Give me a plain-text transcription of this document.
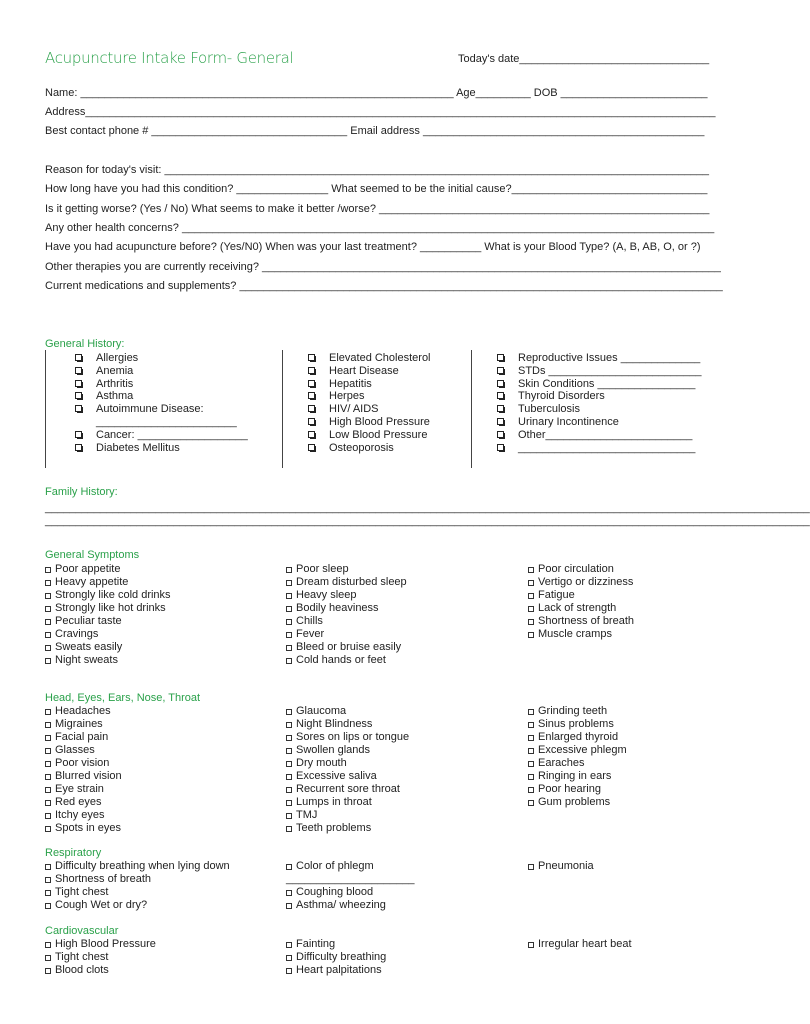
Acupuncture Intake Form- General	Today's date_______________________________
Name: _____________________________________________________________ Age_________ DOB ________________________
Address_______________________________________________________________________________________________________
Best contact phone # ________________________________ Email address ______________________________________________
Reason for today's visit: _________________________________________________________________________________________
How long have you had this condition? _______________ What seemed to be the initial cause?________________________________
Is it getting worse? (Yes / No) What seems to make it better /worse? ______________________________________________________
Any other health concerns? _______________________________________________________________________________________
Have you had acupuncture before? (Yes/N0) When was your last treatment? __________ What is your Blood Type? (A, B, AB, O, or ?)
Other therapies you are currently receiving? ___________________________________________________________________________
Current medications and supplements? _______________________________________________________________________________
General History:
Allergies
Anemia
Arthritis
Asthma
Autoimmune Disease:
_______________________
Cancer: __________________
Diabetes Mellitus
Elevated Cholesterol
Heart Disease
Hepatitis
Herpes
HIV/ AIDS
High Blood Pressure
Low Blood Pressure
Osteoporosis
Reproductive Issues _____________
STDs _________________________
Skin Conditions ________________
Thyroid Disorders
Tuberculosis
Urinary Incontinence
Other________________________
_____________________________
Family History:
_____________________________________________________________________________________________________________________________
_____________________________________________________________________________________________________________________________
General Symptoms
Poor appetite
Heavy appetite
Strongly like cold drinks
Strongly like hot drinks
Peculiar taste
Cravings
Sweats easily
Night sweats
Poor sleep
Dream disturbed sleep
Heavy sleep
Bodily heaviness
Chills
Fever
Bleed or bruise easily
Cold hands or feet
Poor circulation
Vertigo or dizziness
Fatigue
Lack of strength
Shortness of breath
Muscle cramps
Head, Eyes, Ears, Nose, Throat
Headaches
Migraines
Facial pain
Glasses
Poor vision
Blurred vision
Eye strain
Red eyes
Itchy eyes
Spots in eyes
Glaucoma
Night Blindness
Sores on lips or tongue
Swollen glands
Dry mouth
Excessive saliva
Recurrent sore throat
Lumps in throat
TMJ
Teeth problems
Grinding teeth
Sinus problems
Enlarged thyroid
Excessive phlegm
Earaches
Ringing in ears
Poor hearing
Gum problems
Respiratory
Difficulty breathing when lying down
Shortness of breath
Tight chest
Cough Wet or dry?
Color of phlegm
_____________________
Coughing blood
Asthma/ wheezing
Pneumonia
Cardiovascular
High Blood Pressure
Tight chest
Blood clots
Fainting
Difficulty breathing
Heart palpitations
Irregular heart beat
